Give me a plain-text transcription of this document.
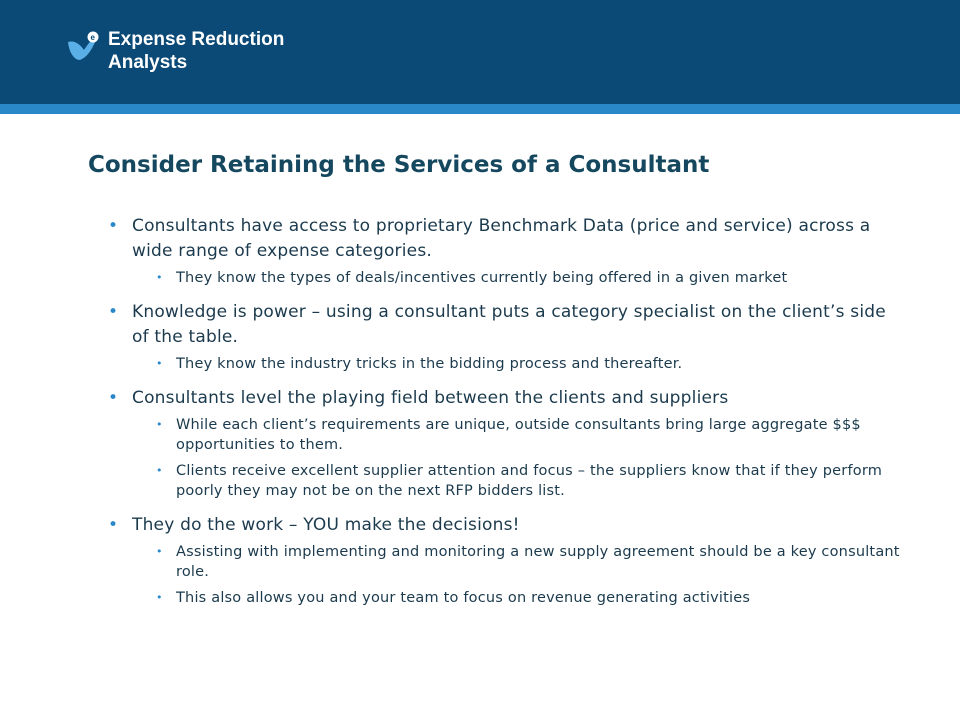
e Expense Reduction
Analysts
Consider Retaining the Services of a Consultant
• Consultants have access to proprietary Benchmark Data (price and service) across a wide range of expense categories.
• They know the types of deals/incentives currently being offered in a given market
• Knowledge is power – using a consultant puts a category specialist on the client’s side of the table.
• They know the industry tricks in the bidding process and thereafter.
• Consultants level the playing field between the clients and suppliers
• While each client’s requirements are unique, outside consultants bring large aggregate $$$ opportunities to them.
• Clients receive excellent supplier attention and focus – the suppliers know that if they perform poorly they may not be on the next RFP bidders list.
• They do the work – YOU make the decisions!
• Assisting with implementing and monitoring a new supply agreement should be a key consultant role.
• This also allows you and your team to focus on revenue generating activities
